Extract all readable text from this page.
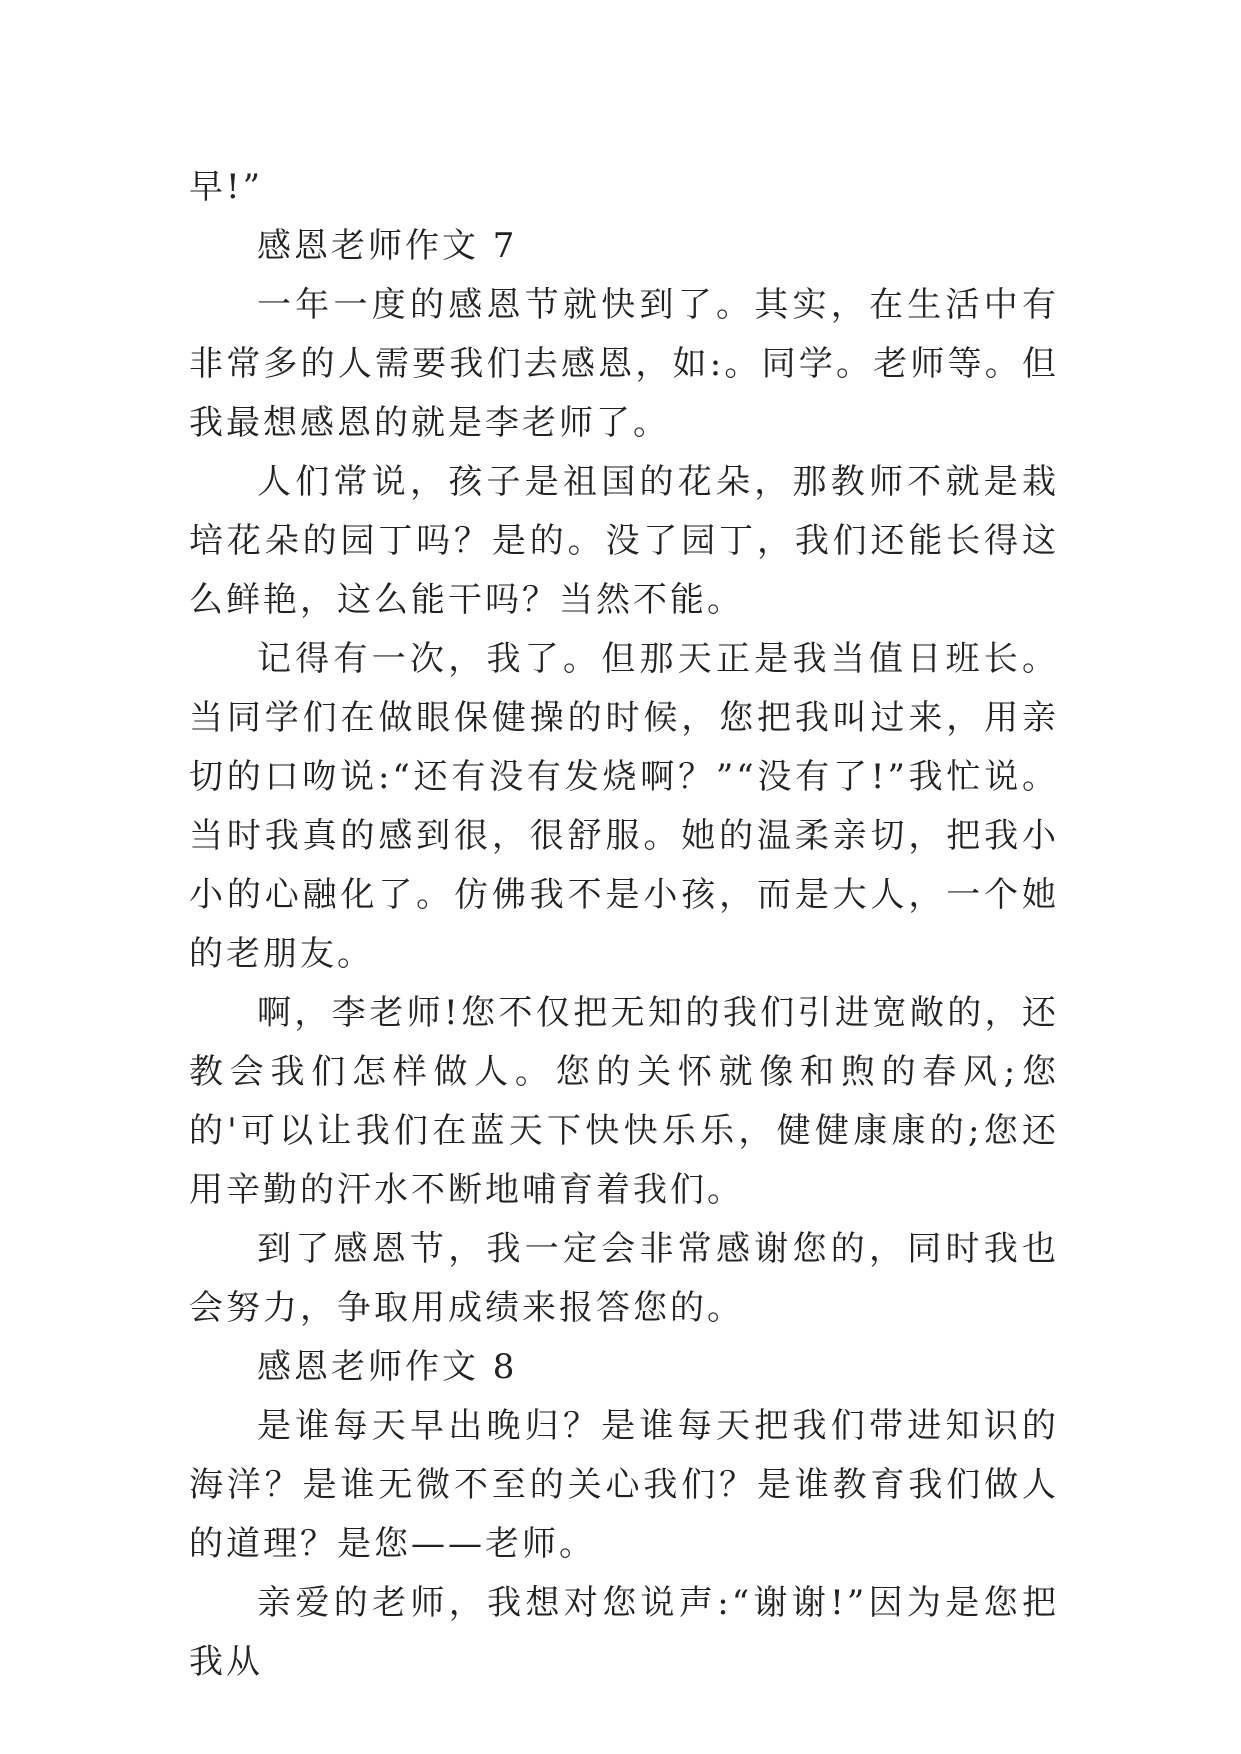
早!”

感恩老师作文 7

一年一度的感恩节就快到了。其实，在生活中有非常多的人需要我们去感恩，如:。同学。老师等。但我最想感恩的就是李老师了。

人们常说，孩子是祖国的花朵，那教师不就是栽培花朵的园丁吗？是的。没了园丁，我们还能长得这么鲜艳，这么能干吗？当然不能。

记得有一次，我了。但那天正是我当值日班长。当同学们在做眼保健操的时候，您把我叫过来，用亲切的口吻说:“还有没有发烧啊？”“没有了!”我忙说。当时我真的感到很，很舒服。她的温柔亲切，把我小小的心融化了。仿佛我不是小孩，而是大人，一个她的老朋友。

啊，李老师!您不仅把无知的我们引进宽敞的，还教会我们怎样做人。您的关怀就像和煦的春风;您的'可以让我们在蓝天下快快乐乐，健健康康的;您还用辛勤的汗水不断地哺育着我们。

到了感恩节，我一定会非常感谢您的，同时我也会努力，争取用成绩来报答您的。

感恩老师作文 8

是谁每天早出晚归？是谁每天把我们带进知识的海洋？是谁无微不至的关心我们？是谁教育我们做人的道理？是您——老师。

亲爱的老师，我想对您说声:“谢谢!”因为是您把我从
